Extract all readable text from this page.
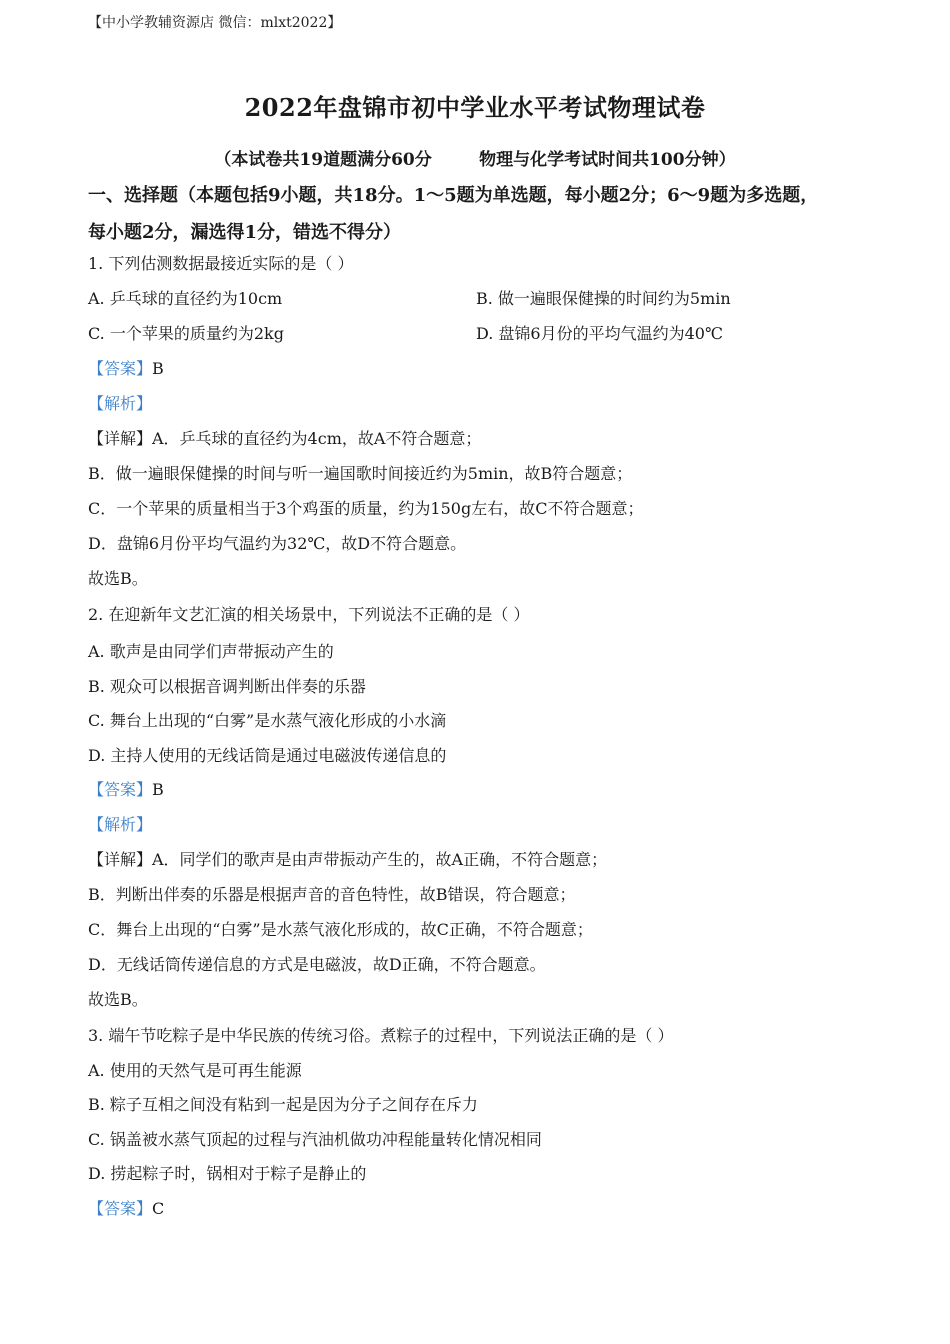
【中小学教辅资源店 微信：mlxt2022】
2022年盘锦市初中学业水平考试物理试卷
（本试卷共19道题满分60分        物理与化学考试时间共100分钟）
一、选择题（本题包括9小题，共18分。1～5题为单选题，每小题2分；6～9题为多选题，
每小题2分，漏选得1分，错选不得分）
1. 下列估测数据最接近实际的是（ ）
A. 乒乓球的直径约为10cm	B. 做一遍眼保健操的时间约为5min
C. 一个苹果的质量约为2kg	D. 盘锦6月份的平均气温约为40℃
【答案】B
【解析】
【详解】A．乒乓球的直径约为4cm，故A不符合题意；
B．做一遍眼保健操的时间与听一遍国歌时间接近约为5min，故B符合题意；
C．一个苹果的质量相当于3个鸡蛋的质量，约为150g左右，故C不符合题意；
D．盘锦6月份平均气温约为32℃，故D不符合题意。
故选B。
2. 在迎新年文艺汇演的相关场景中，下列说法不正确的是（ ）
A. 歌声是由同学们声带振动产生的
B. 观众可以根据音调判断出伴奏的乐器
C. 舞台上出现的“白雾”是水蒸气液化形成的小水滴
D. 主持人使用的无线话筒是通过电磁波传递信息的
【答案】B
【解析】
【详解】A．同学们的歌声是由声带振动产生的，故A正确，不符合题意；
B．判断出伴奏的乐器是根据声音的音色特性，故B错误，符合题意；
C．舞台上出现的“白雾”是水蒸气液化形成的，故C正确，不符合题意；
D．无线话筒传递信息的方式是电磁波，故D正确，不符合题意。
故选B。
3. 端午节吃粽子是中华民族的传统习俗。煮粽子的过程中，下列说法正确的是（ ）
A. 使用的天然气是可再生能源
B. 粽子互相之间没有粘到一起是因为分子之间存在斥力
C. 锅盖被水蒸气顶起的过程与汽油机做功冲程能量转化情况相同
D. 捞起粽子时，锅相对于粽子是静止的
【答案】C
